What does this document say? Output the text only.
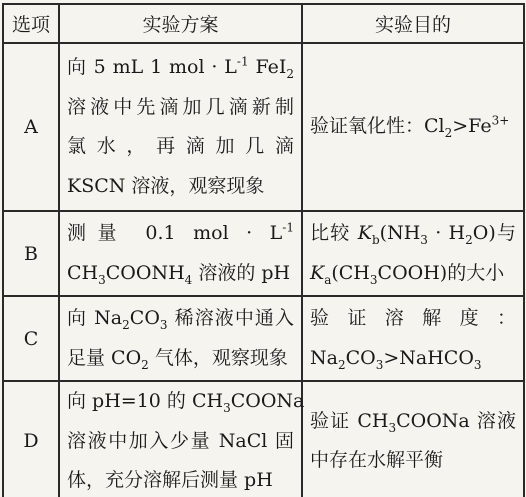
选项	实验方案	实验目的
A	向 5 mL 1 mol · $L^{-1}$ FeI$_2$
溶液中先滴加几滴新制
氯水，再滴加几滴
KSCN 溶液，观察现象	验证氧化性：$Cl_2>Fe^{3+}$

B	测量 0.1 mol · $L^{-1}$
$CH_3COONH_4$ 溶液的 pH	比较 $K_b(NH_3 \cdot H_2O)$与
$K_a(CH_3COOH)$的大小

C	向 $Na_2CO_3$ 稀溶液中通入
足量 $CO_2$ 气体，观察现象	验证溶解度：
$Na_2CO_3>NaHCO_3$

D	向 pH=10 的 $CH_3COONa$
溶液中加入少量 NaCl 固
体，充分溶解后测量 pH	验证 $CH_3COONa$ 溶液
中存在水解平衡
